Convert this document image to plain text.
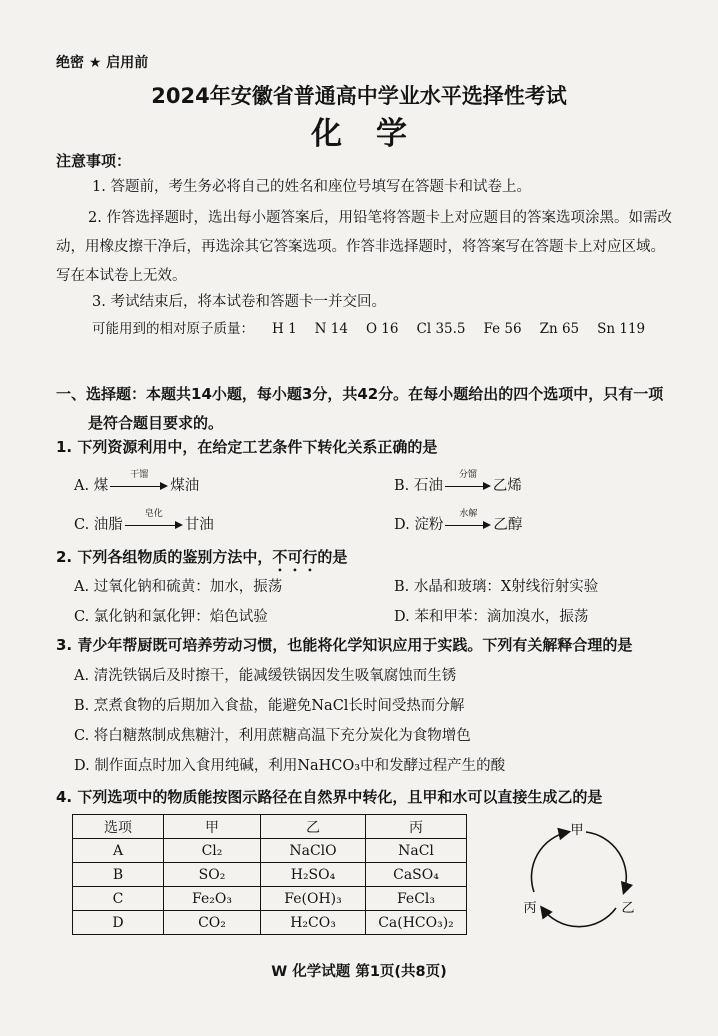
绝密 ★ 启用前
2024年安徽省普通高中学业水平选择性考试
化学
注意事项：
1. 答题前，考生务必将自己的姓名和座位号填写在答题卡和试卷上。
2. 作答选择题时，选出每小题答案后，用铅笔将答题卡上对应题目的答案选项涂黑。如需改动，用橡皮擦干净后，再选涂其它答案选项。作答非选择题时，将答案写在答题卡上对应区域。写在本试卷上无效。
3. 考试结束后，将本试卷和答题卡一并交回。
可能用到的相对原子质量： H 1 N 14 O 16 Cl 35.5 Fe 56 Zn 65 Sn 119
一、选择题：本题共14小题，每小题3分，共42分。在每小题给出的四个选项中，只有一项
是符合题目要求的。
1. 下列资源利用中，在给定工艺条件下转化关系正确的是
A. 煤
干馏
煤油	B. 石油
分馏
乙烯
C. 油脂
皂化
甘油	D. 淀粉
水解
乙醇
2. 下列各组物质的鉴别方法中，不可行的是
A. 过氧化钠和硫黄：加水，振荡	B. 水晶和玻璃：X射线衍射实验
C. 氯化钠和氯化钾：焰色试验	D. 苯和甲苯：滴加溴水，振荡
3. 青少年帮厨既可培养劳动习惯，也能将化学知识应用于实践。下列有关解释合理的是
A. 清洗铁锅后及时擦干，能减缓铁锅因发生吸氧腐蚀而生锈
B. 烹煮食物的后期加入食盐，能避免NaCl长时间受热而分解
C. 将白糖熬制成焦糖汁，利用蔗糖高温下充分炭化为食物增色
D. 制作面点时加入食用纯碱，利用NaHCO₃中和发酵过程产生的酸
4. 下列选项中的物质能按图示路径在自然界中转化，且甲和水可以直接生成乙的是
选项	甲	乙	丙
A	Cl₂	NaClO	NaCl
B	SO₂	H₂SO₄	CaSO₄
C	Fe₂O₃	Fe(OH)₃	FeCl₃
D	CO₂	H₂CO₃	Ca(HCO₃)₂
甲
乙
丙
W 化学试题 第1页(共8页)
